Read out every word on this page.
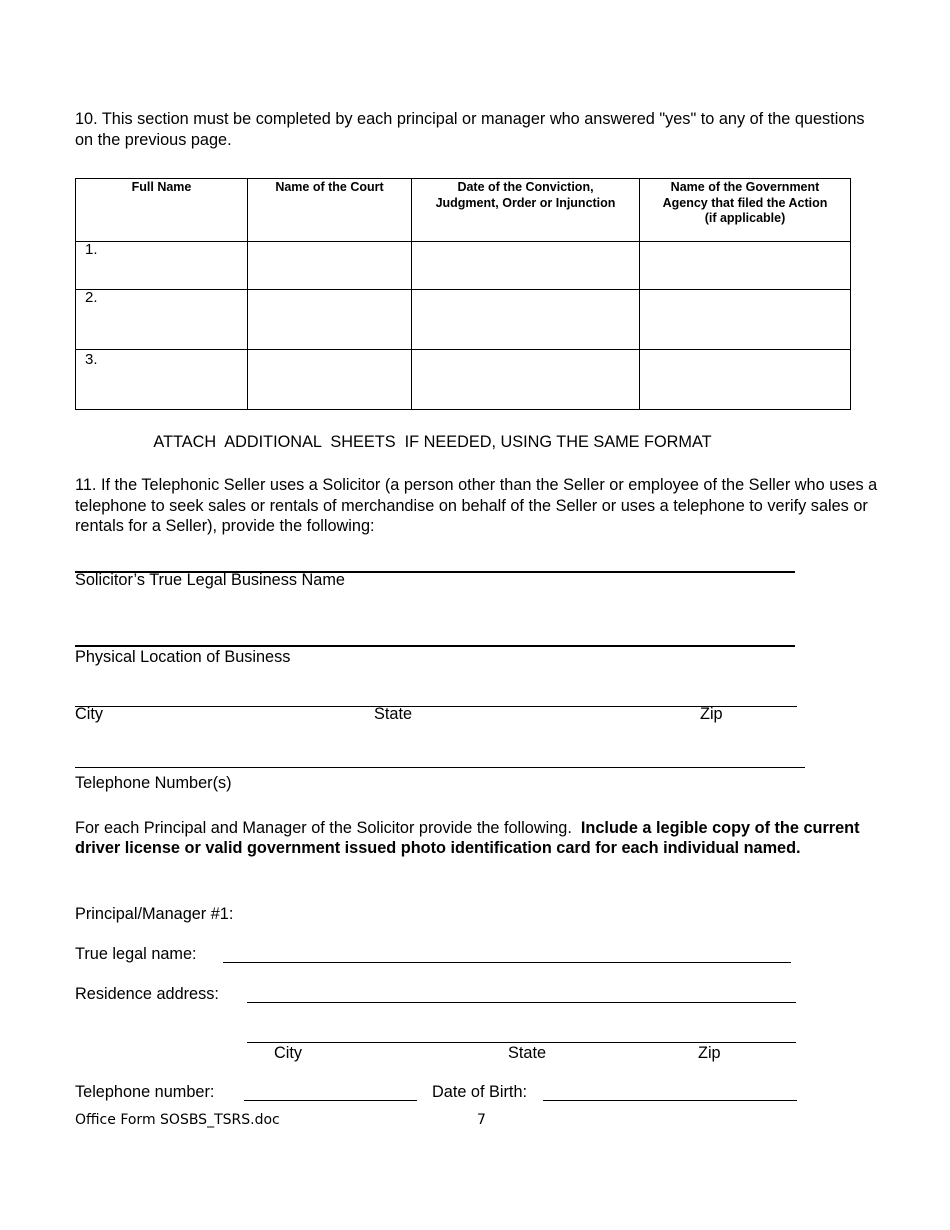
10. This section must be completed by each principal or manager who answered "yes" to any of the questions on the previous page.

Full Name	Name of the Court	Date of the Conviction, Judgment, Order or Injunction	Name of the Government Agency that filed the Action (if applicable)
1.			
2.			
3.			
ATTACH  ADDITIONAL  SHEETS  IF NEEDED, USING THE SAME FORMAT

11. If the Telephonic Seller uses a Solicitor (a person other than the Seller or employee of the Seller who uses a telephone to seek sales or rentals of merchandise on behalf of the Seller or uses a telephone to verify sales or rentals for a Seller), provide the following:

Solicitor’s True Legal Business Name
Physical Location of Business
City	State	Zip
Telephone Number(s)

For each Principal and Manager of the Solicitor provide the following.  Include a legible copy of the current driver license or valid government issued photo identification card for each individual named.

Principal/Manager #1:
True legal name:
Residence address:
City	State	Zip
Telephone number:	Date of Birth:
Office Form SOSBS_TSRS.doc	7
